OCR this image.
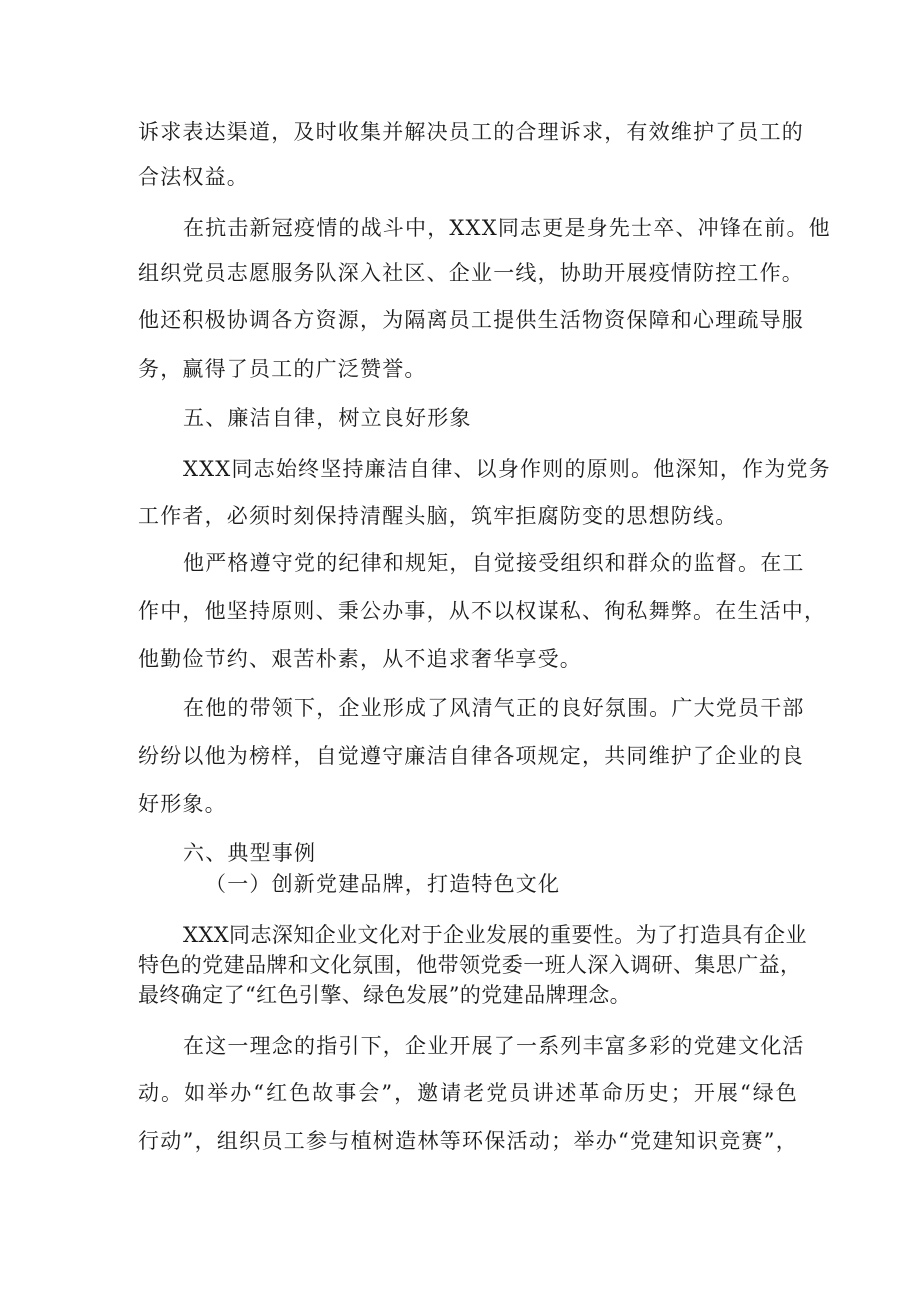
诉求表达渠道，及时收集并解决员工的合理诉求，有效维护了员工的
合法权益。
在抗击新冠疫情的战斗中，XXX同志更是身先士卒、冲锋在前。他
组织党员志愿服务队深入社区、企业一线，协助开展疫情防控工作。
他还积极协调各方资源，为隔离员工提供生活物资保障和心理疏导服
务，赢得了员工的广泛赞誉。
五、廉洁自律，树立良好形象
XXX同志始终坚持廉洁自律、以身作则的原则。他深知，作为党务
工作者，必须时刻保持清醒头脑，筑牢拒腐防变的思想防线。
他严格遵守党的纪律和规矩，自觉接受组织和群众的监督。在工
作中，他坚持原则、秉公办事，从不以权谋私、徇私舞弊。在生活中，
他勤俭节约、艰苦朴素，从不追求奢华享受。
在他的带领下，企业形成了风清气正的良好氛围。广大党员干部
纷纷以他为榜样，自觉遵守廉洁自律各项规定，共同维护了企业的良
好形象。
六、典型事例
（一）创新党建品牌，打造特色文化
XXX同志深知企业文化对于企业发展的重要性。为了打造具有企业
特色的党建品牌和文化氛围，他带领党委一班人深入调研、集思广益，
最终确定了“红色引擎、绿色发展”的党建品牌理念。
在这一理念的指引下，企业开展了一系列丰富多彩的党建文化活
动。如举办“红色故事会”，邀请老党员讲述革命历史；开展“绿色
行动”，组织员工参与植树造林等环保活动；举办“党建知识竞赛”，
